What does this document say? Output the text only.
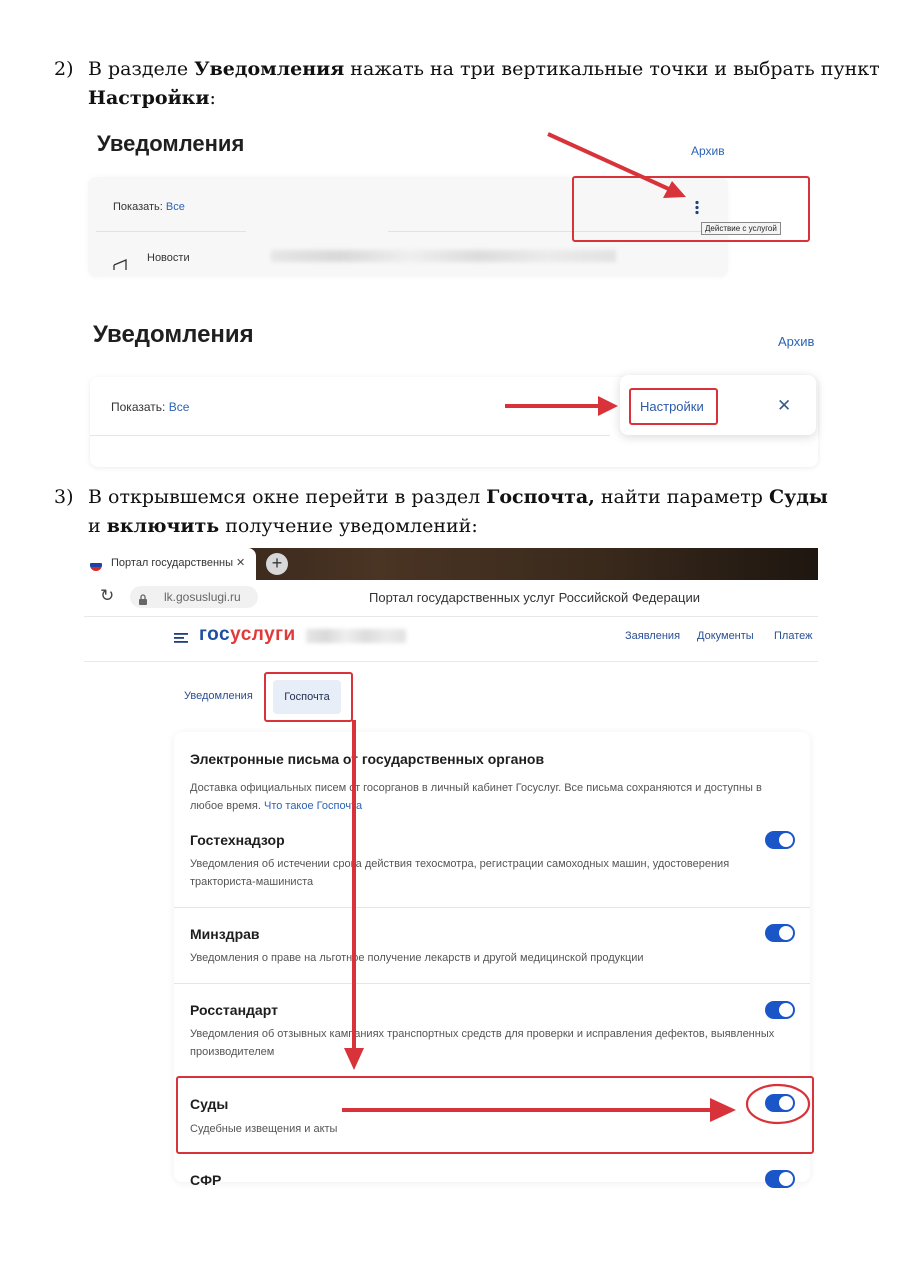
2) В разделе Уведомления нажать на три вертикальные точки и выбрать пункт
Настройки:
Уведомления	Архив
Показать: Все
Новости
Действие с услугой
Уведомления	Архив
Показать: Все	Настройки	✕
3) В открывшемся окне перейти в раздел Госпочта, найти параметр Суды
и включить получение уведомлений:
Портал государственны ✕	+
↻	lk.gosuslugi.ru	Портал государственных услуг Российской Федерации
госуслуги	Заявления Документы Платеж
Уведомления	Госпочта
Электронные письма от государственных органов
Доставка официальных писем от госорганов в личный кабинет Госуслуг. Все письма сохраняются и доступны в
любое время. Что такое Госпочта
Гостехнадзор
Уведомления об истечении срока действия техосмотра, регистрации самоходных машин, удостоверения
тракториста-машиниста
Минздрав
Уведомления о праве на льготное получение лекарств и другой медицинской продукции
Росстандарт
Уведомления об отзывных кампаниях транспортных средств для проверки и исправления дефектов, выявленных
производителем
Суды
Судебные извещения и акты
СФР
